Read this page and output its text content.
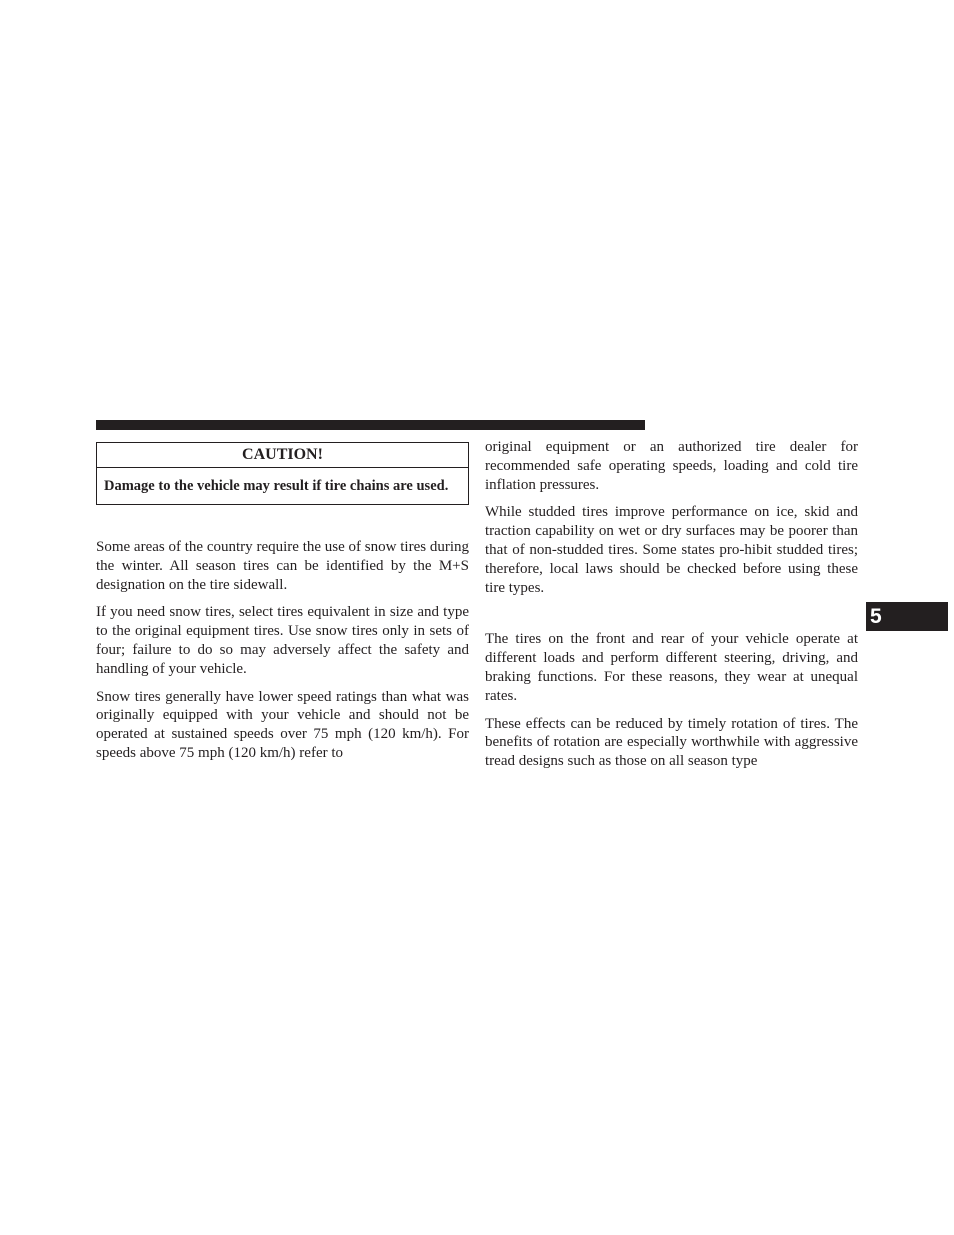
CAUTION!
Damage to the vehicle may result if tire chains are used.

Some areas of the country require the use of snow tires during the winter. All season tires can be identified by the M+S designation on the tire sidewall.

If you need snow tires, select tires equivalent in size and type to the original equipment tires. Use snow tires only in sets of four; failure to do so may adversely affect the safety and handling of your vehicle.

Snow tires generally have lower speed ratings than what was originally equipped with your vehicle and should not be operated at sustained speeds over 75 mph (120 km/h). For speeds above 75 mph (120 km/h) refer to

original equipment or an authorized tire dealer for recommended safe operating speeds, loading and cold tire inflation pressures.

While studded tires improve performance on ice, skid and traction capability on wet or dry surfaces may be poorer than that of non-studded tires. Some states pro-hibit studded tires; therefore, local laws should be checked before using these tire types.

The tires on the front and rear of your vehicle operate at different loads and perform different steering, driving, and braking functions. For these reasons, they wear at unequal rates.

These effects can be reduced by timely rotation of tires. The benefits of rotation are especially worthwhile with aggressive tread designs such as those on all season type

5
